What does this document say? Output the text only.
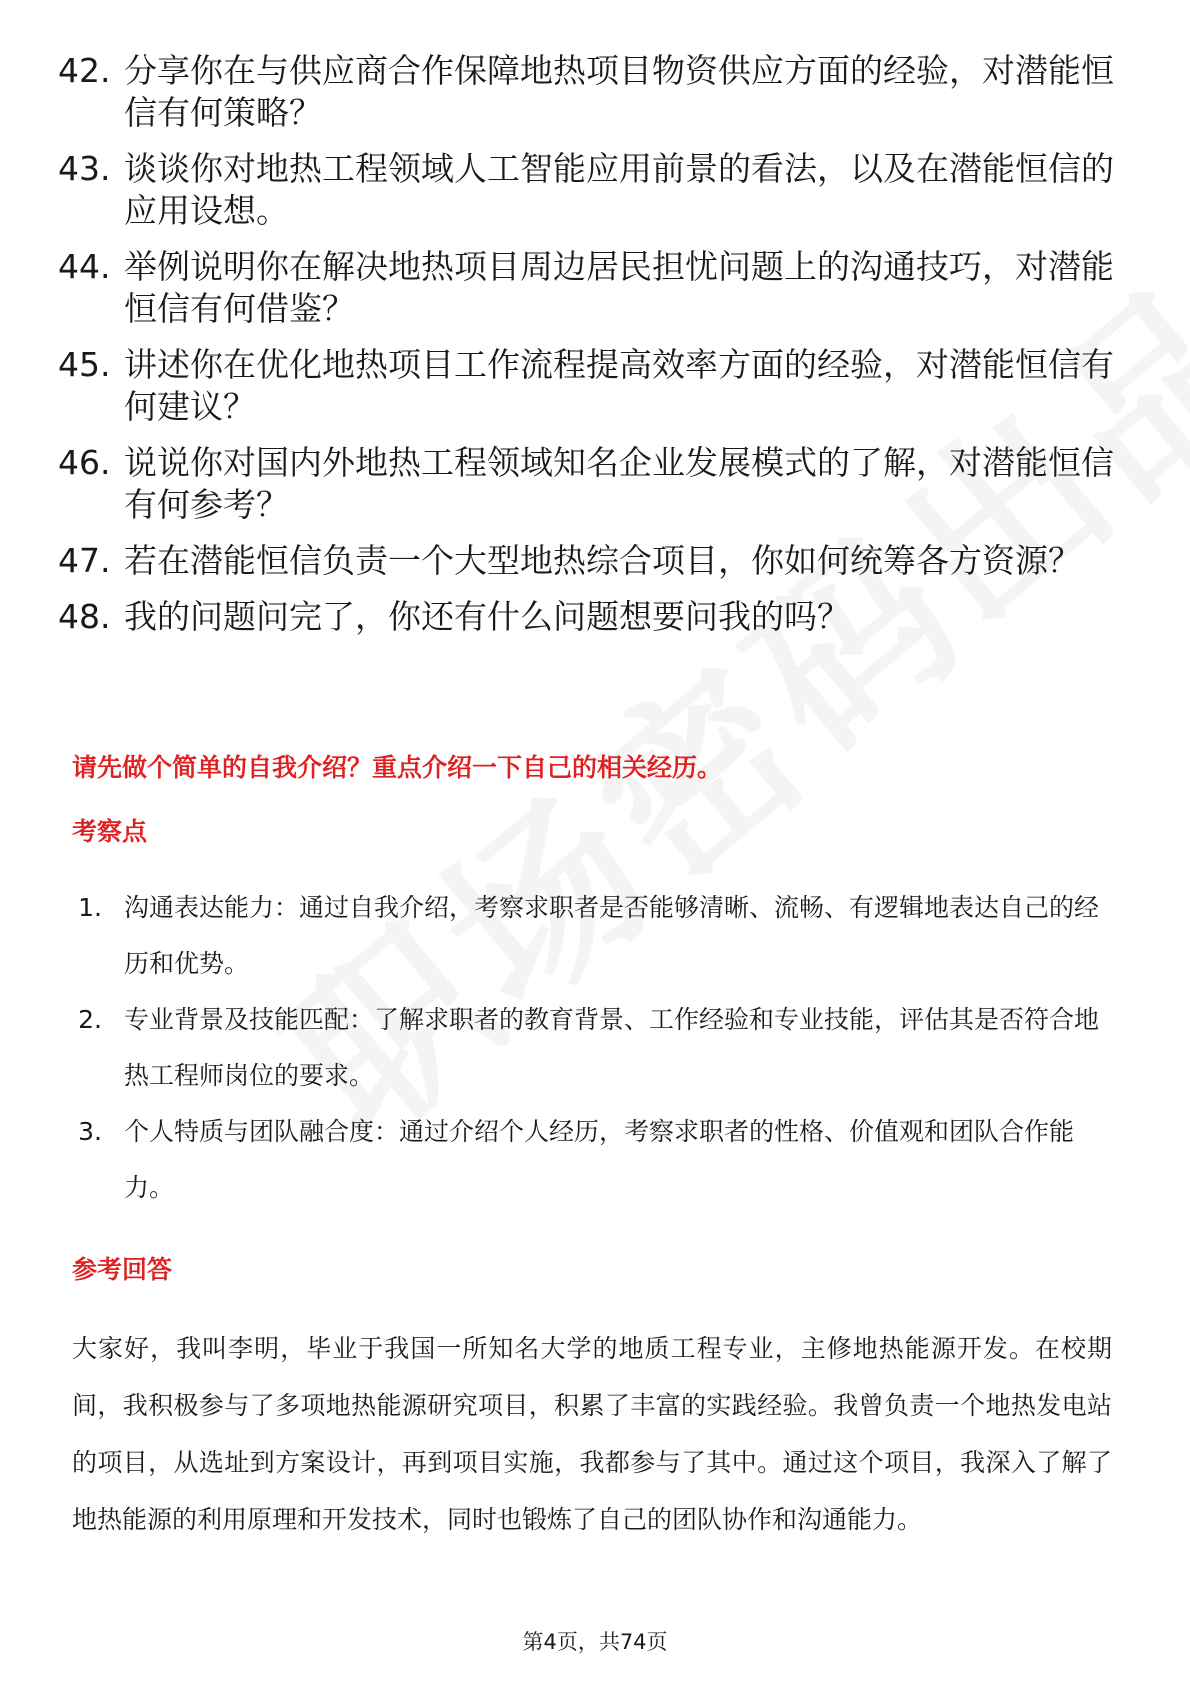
42. 分享你在与供应商合作保障地热项目物资供应方面的经验，对潜能恒信有何策略？
43. 谈谈你对地热工程领域人工智能应用前景的看法，以及在潜能恒信的应用设想。
44. 举例说明你在解决地热项目周边居民担忧问题上的沟通技巧，对潜能恒信有何借鉴？
45. 讲述你在优化地热项目工作流程提高效率方面的经验，对潜能恒信有何建议？
46. 说说你对国内外地热工程领域知名企业发展模式的了解，对潜能恒信有何参考？
47. 若在潜能恒信负责一个大型地热综合项目，你如何统筹各方资源？
48. 我的问题问完了，你还有什么问题想要问我的吗？
请先做个简单的自我介绍？重点介绍一下自己的相关经历。
考察点
1. 沟通表达能力：通过自我介绍，考察求职者是否能够清晰、流畅、有逻辑地表达自己的经历和优势。
2. 专业背景及技能匹配：了解求职者的教育背景、工作经验和专业技能，评估其是否符合地热工程师岗位的要求。
3. 个人特质与团队融合度：通过介绍个人经历，考察求职者的性格、价值观和团队合作能力。
参考回答

大家好，我叫李明，毕业于我国一所知名大学的地质工程专业，主修地热能源开发。在校期间，我积极参与了多项地热能源研究项目，积累了丰富的实践经验。我曾负责一个地热发电站的项目，从选址到方案设计，再到项目实施，我都参与了其中。通过这个项目，我深入了解了地热能源的利用原理和开发技术，同时也锻炼了自己的团队协作和沟通能力。

第4页，共74页
